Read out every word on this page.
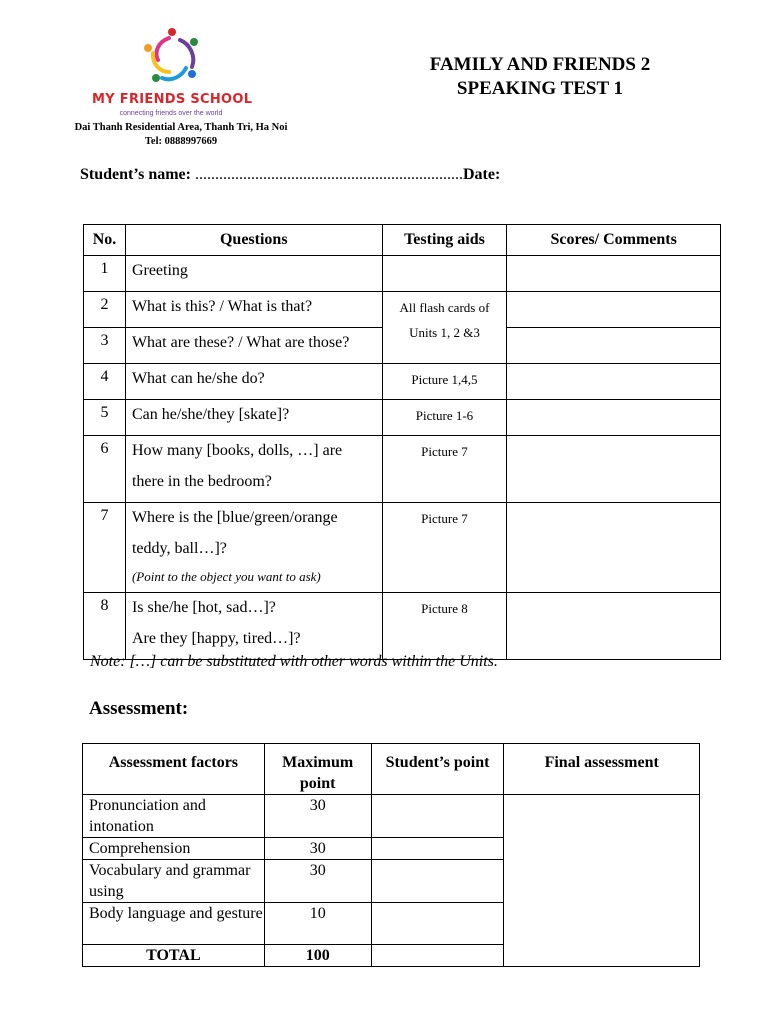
MY FRIENDS SCHOOL
connecting friends over the world
Dai Thanh Residential Area, Thanh Tri, Ha Noi
Tel: 0888997669
FAMILY AND FRIENDS 2
SPEAKING TEST 1
Student’s name: ...................................................................Date:
No.	Questions	Testing aids	Scores/ Comments
1	Greeting		

2	What is this? / What is that?	All flash cards of
Units 1, 2 &3	
3	What are these? / What are those?		

4	What can he/she do?	Picture 1,4,5	
5	Can he/she/they [skate]?	Picture 1-6	
6	How many [books, dolls, …] are
there in the bedroom?	Picture 7	
7	Where is the [blue/green/orange
teddy, ball…]?
(Point to the object you want to ask)	Picture 7	
8	Is she/he [hot, sad…]?
Are they [happy, tired…]?	Picture 8	
Note: […] can be substituted with other words within the Units.
Assessment:
Assessment factors	Maximum point	Student’s point	Final assessment
Pronunciation and intonation	30		
Comprehension	30		
Vocabulary and grammar using	30		
Body language and gesture	10		
TOTAL	100		
